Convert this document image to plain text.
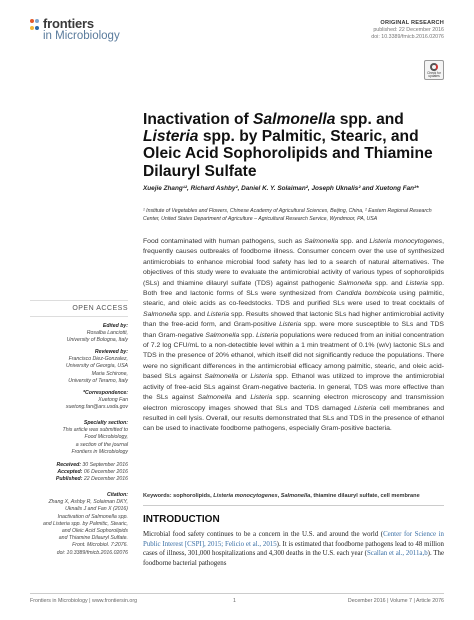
frontiers
in Microbiology
ORIGINAL RESEARCH
published: 22 December 2016
doi: 10.3389/fmicb.2016.02076
Check for updates
Inactivation of Salmonella spp. and Listeria spp. by Palmitic, Stearic, and Oleic Acid Sophorolipids and Thiamine Dilauryl Sulfate
Xuejie Zhang¹², Richard Ashby², Daniel K. Y. Solaiman², Joseph Uknalis² and Xuetong Fan²*
¹ Institute of Vegetables and Flowers, Chinese Academy of Agricultural Sciences, Beijing, China, ² Eastern Regional Research Center, United States Department of Agriculture – Agricultural Research Service, Wyndmoor, PA, USA
Food contaminated with human pathogens, such as Salmonella spp. and Listeria monocytogenes, frequently causes outbreaks of foodborne illness. Consumer concern over the use of synthesized antimicrobials to enhance microbial food safety has led to a search of natural alternatives. The objectives of this study were to evaluate the antimicrobial activity of various types of sophorolipids (SLs) and thiamine dilauryl sulfate (TDS) against pathogenic Salmonella spp. and Listeria spp. Both free and lactonic forms of SLs were synthesized from Candida bombicola using palmitic, stearic, and oleic acids as co-feedstocks. TDS and purified SLs were used to treat cocktails of Salmonella spp. and Listeria spp. Results showed that lactonic SLs had higher antimicrobial activity than the free-acid form, and Gram-positive Listeria spp. were more susceptible to SLs and TDS than Gram-negative Salmonella spp. Listeria populations were reduced from an initial concentration of 7.2 log CFU/mL to a non-detectible level within a 1 min treatment of 0.1% (w/v) lactonic SLs and TDS in the presence of 20% ethanol, which itself did not significantly reduce the populations. There were no significant differences in the antimicrobial efficacy among palmitic, stearic, and oleic acid-based SLs against Salmonella or Listeria spp. Ethanol was utilized to improve the antimicrobial activity of free-acid SLs against Gram-negative bacteria. In general, TDS was more effective than the SLs against Salmonella and Listeria spp. scanning electron microscopy and transmission electron microscopy images showed that SLs and TDS damaged Listeria cell membranes and resulted in cell lysis. Overall, our results demonstrated that SLs and TDS in the presence of ethanol can be used to inactivate foodborne pathogens, especially Gram-positive bacteria.
Keywords: sophorolipids, Listeria monocytogenes, Salmonella, thiamine dilauryl sulfate, cell membrane
INTRODUCTION
Microbial food safety continues to be a concern in the U.S. and around the world (Center for Science in Public Interest [CSPI], 2015; Felicio et al., 2015). It is estimated that foodborne pathogens lead to 48 million cases of illness, 301,000 hospitalizations and 4,300 deaths in the U.S. each year (Scallan et al., 2011a,b). The foodborne bacterial pathogens
OPEN ACCESS
Edited by:
Rosalba Lanciotti,
University of Bologna, Italy
Reviewed by:
Francisco Diez-Gonzalez,
University of Georgia, USA
Maria Schirone,
University of Teramo, Italy
*Correspondence:
Xuetong Fan
xuetong.fan@ars.usda.gov
Specialty section:
This article was submitted to
Food Microbiology,
a section of the journal
Frontiers in Microbiology
Received: 30 September 2016
Accepted: 06 December 2016
Published: 22 December 2016
Citation:
Zhang X, Ashby R, Solaiman DKY,
Uknalis J and Fan X (2016)
Inactivation of Salmonella spp.
and Listeria spp. by Palmitic, Stearic,
and Oleic Acid Sophorolipids
and Thiamine Dilauryl Sulfate.
Front. Microbiol. 7:2076.
doi: 10.3389/fmicb.2016.02076
Frontiers in Microbiology | www.frontiersin.org	1	December 2016 | Volume 7 | Article 2076
